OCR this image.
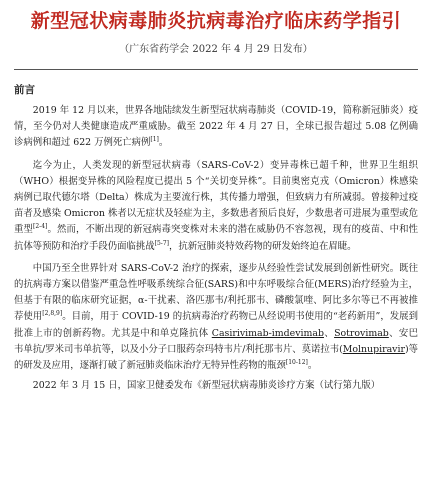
新型冠状病毒肺炎抗病毒治疗临床药学指引
（广东省药学会 2022 年 4 月 29 日发布）
前言

2019 年 12 月以来，世界各地陆续发生新型冠状病毒肺炎（COVID-19，简称新冠肺炎）疫情，至今仍对人类健康造成严重威胁。截至 2022 年 4 月 27 日，全球已报告超过 5.08 亿例确诊病例和超过 622 万例死亡病例[1]。

迄今为止，人类发现的新型冠状病毒（SARS-CoV-2）变异毒株已超千种，世界卫生组织（WHO）根据变异株的风险程度已提出 5 个“关切变异株”。目前奥密克戎（Omicron）株感染病例已取代德尔塔（Delta）株成为主要流行株，其传播力增强，但致病力有所减弱。曾接种过疫苗者及感染 Omicron 株者以无症状及轻症为主，多数患者预后良好，少数患者可进展为重型或危重型[2-4]。然而，不断出现的新冠病毒突变株对未来的潜在威胁仍不容忽视，现有的疫苗、中和性抗体等预防和治疗手段仍面临挑战[5-7]，抗新冠肺炎特效药物的研发始终迫在眉睫。

中国乃至全世界针对 SARS-CoV-2 治疗的探索，逐步从经验性尝试发展到创新性研究。既往的抗病毒方案以借鉴严重急性呼吸系统综合征(SARS)和中东呼吸综合征(MERS)治疗经验为主，但基于有限的临床研究证据，α-干扰素、洛匹那韦/利托那韦、磷酸氯喹、阿比多尔等已不再被推荐使用[2,8,9]。目前，用于 COVID-19 的抗病毒治疗药物已从经说明书使用的“老药新用”，发展到批准上市的创新药物。尤其是中和单克隆抗体 Casirivimab-imdevimab、Sotrovimab、安巴韦单抗/罗米司韦单抗等，以及小分子口服药奈玛特韦片/利托那韦片、莫诺拉韦(Molnupiravir)等的研发及应用，逐渐打破了新冠肺炎临床治疗无特异性药物的瓶颈[10-12]。

2022 年 3 月 15 日，国家卫健委发布《新型冠状病毒肺炎诊疗方案（试行第九版）
